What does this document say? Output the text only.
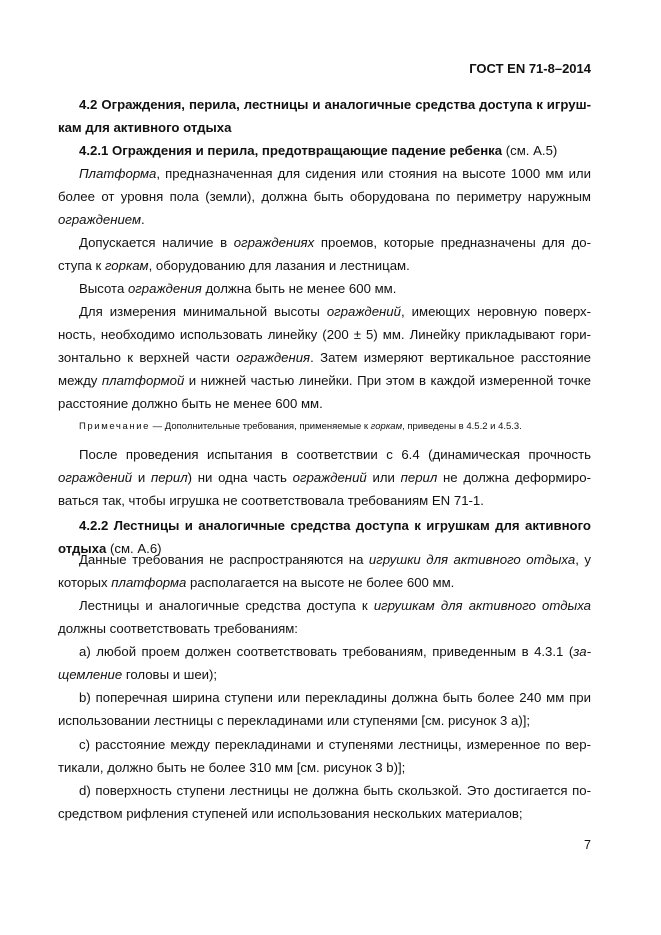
ГОСТ EN 71-8–2014
4.2 Ограждения, перила, лестницы и аналогичные средства доступа к игруш-
кам для активного отдыха
4.2.1 Ограждения и перила, предотвращающие падение ребенка (см. А.5)
Платформа, предназначенная для сидения или стояния на высоте 1000 мм или
более от уровня пола (земли), должна быть оборудована по периметру наружным
ограждением.
Допускается наличие в ограждениях проемов, которые предназначены для до-
ступа к горкам, оборудованию для лазания и лестницам.
Высота ограждения должна быть не менее 600 мм.
Для измерения минимальной высоты ограждений, имеющих неровную поверх-
ность, необходимо использовать линейку (200 ± 5) мм. Линейку прикладывают гори-
зонтально к верхней части ограждения. Затем измеряют вертикальное расстояние
между платформой и нижней частью линейки. При этом в каждой измеренной точке
расстояние должно быть не менее 600 мм.
Примечание — Дополнительные требования, применяемые к горкам, приведены в 4.5.2 и 4.5.3.
После проведения испытания в соответствии с 6.4 (динамическая прочность
ограждений и перил) ни одна часть ограждений или перил не должна деформиро-
ваться так, чтобы игрушка не соответствовала требованиям EN 71-1.
4.2.2 Лестницы и аналогичные средства доступа к игрушкам для активного
отдыха (см. А.6)
Данные требования не распространяются на игрушки для активного отдыха, у
которых платформа располагается на высоте не более 600 мм.
Лестницы и аналогичные средства доступа к игрушкам для активного отдыха
должны соответствовать требованиям:
a) любой проем должен соответствовать требованиям, приведенным в 4.3.1 (за-
щемление головы и шеи);
b) поперечная ширина ступени или перекладины должна быть более 240 мм при
использовании лестницы с перекладинами или ступенями [см. рисунок 3 a)];
c) расстояние между перекладинами и ступенями лестницы, измеренное по вер-
тикали, должно быть не более 310 мм [см. рисунок 3 b)];
d) поверхность ступени лестницы не должна быть скользкой. Это достигается по-
средством рифления ступеней или использования нескольких материалов;
7
